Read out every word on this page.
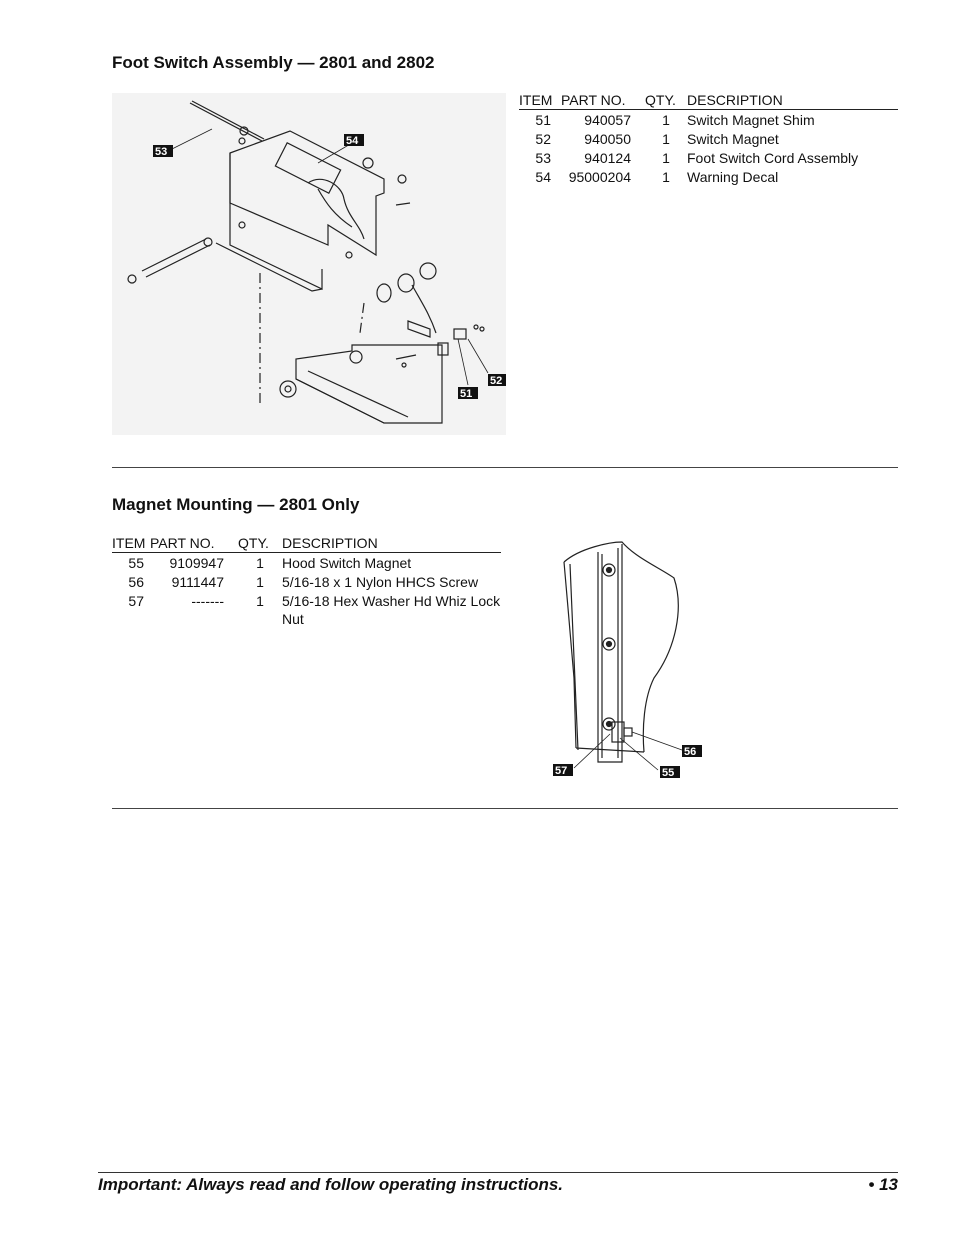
Foot Switch Assembly — 2801 and 2802
53
54
52
51
ITEM	PART NO.	QTY.	DESCRIPTION
51	940057	1	Switch Magnet Shim
52	940050	1	Switch Magnet
53	940124	1	Foot Switch Cord Assembly
54	95000204	1	Warning Decal
Magnet Mounting — 2801 Only
ITEM	PART NO.	QTY.	DESCRIPTION
55	9109947	1	Hood Switch Magnet
56	9111447	1	5/16-18 x 1 Nylon HHCS Screw
57	-------	1	5/16-18 Hex Washer Hd Whiz Lock Nut
56
55
57
Important: Always read and follow operating instructions.	• 13
